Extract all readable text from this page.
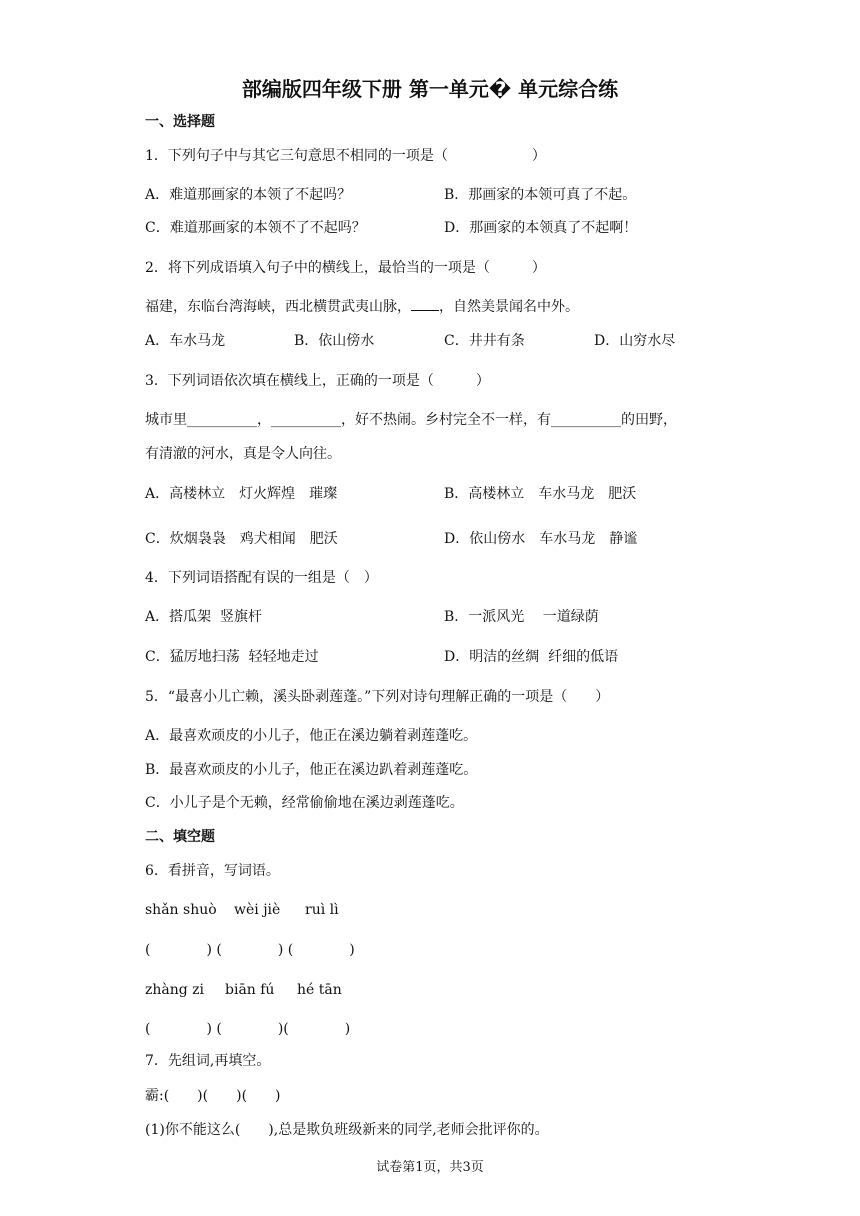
部编版四年级下册 第一单元� 单元综合练
一、选择题
1．下列句子中与其它三句意思不相同的一项是（　　　　　　）
A．难道那画家的本领了不起吗？	B．那画家的本领可真了不起。
C．难道那画家的本领不了不起吗？	D．那画家的本领真了不起啊！
2．将下列成语填入句子中的横线上，最恰当的一项是（　　　）
福建，东临台湾海峡，西北横贯武夷山脉， ，自然美景闻名中外。
A．车水马龙	B．依山傍水	C．井井有条	D．山穷水尽
3．下列词语依次填在横线上，正确的一项是（　　　）
城市里__________，__________，好不热闹。乡村完全不一样，有__________的田野，
有清澈的河水，真是令人向往。
A．高楼林立　灯火辉煌　璀璨	B．高楼林立　车水马龙　肥沃
C．炊烟袅袅　鸡犬相闻　肥沃	D．依山傍水　车水马龙　静谧
4．下列词语搭配有误的一组是（　）
A．搭瓜架  竖旗杆	B．一派风光　 一道绿荫
C．猛厉地扫荡  轻轻地走过	D．明洁的丝绸  纤细的低语
5．“最喜小儿亡赖，溪头卧剥莲蓬。”下列对诗句理解正确的一项是（　　）
A．最喜欢顽皮的小儿子，他正在溪边躺着剥莲蓬吃。
B．最喜欢顽皮的小儿子，他正在溪边趴着剥莲蓬吃。
C．小儿子是个无赖，经常偷偷地在溪边剥莲蓬吃。
二、填空题
6．看拼音，写词语。
shǎn shuò wèi jiè ruì lì
(　　　　) (　　　　) (　　　　)
zhàng zi biān fú hé tān
(　　　　) (　　　　)(　　　　)
7．先组词,再填空。
霸:(　　)(　　)(　　)
(1)你不能这么(　　),总是欺负班级新来的同学,老师会批评你的。
试卷第1页，共3页
